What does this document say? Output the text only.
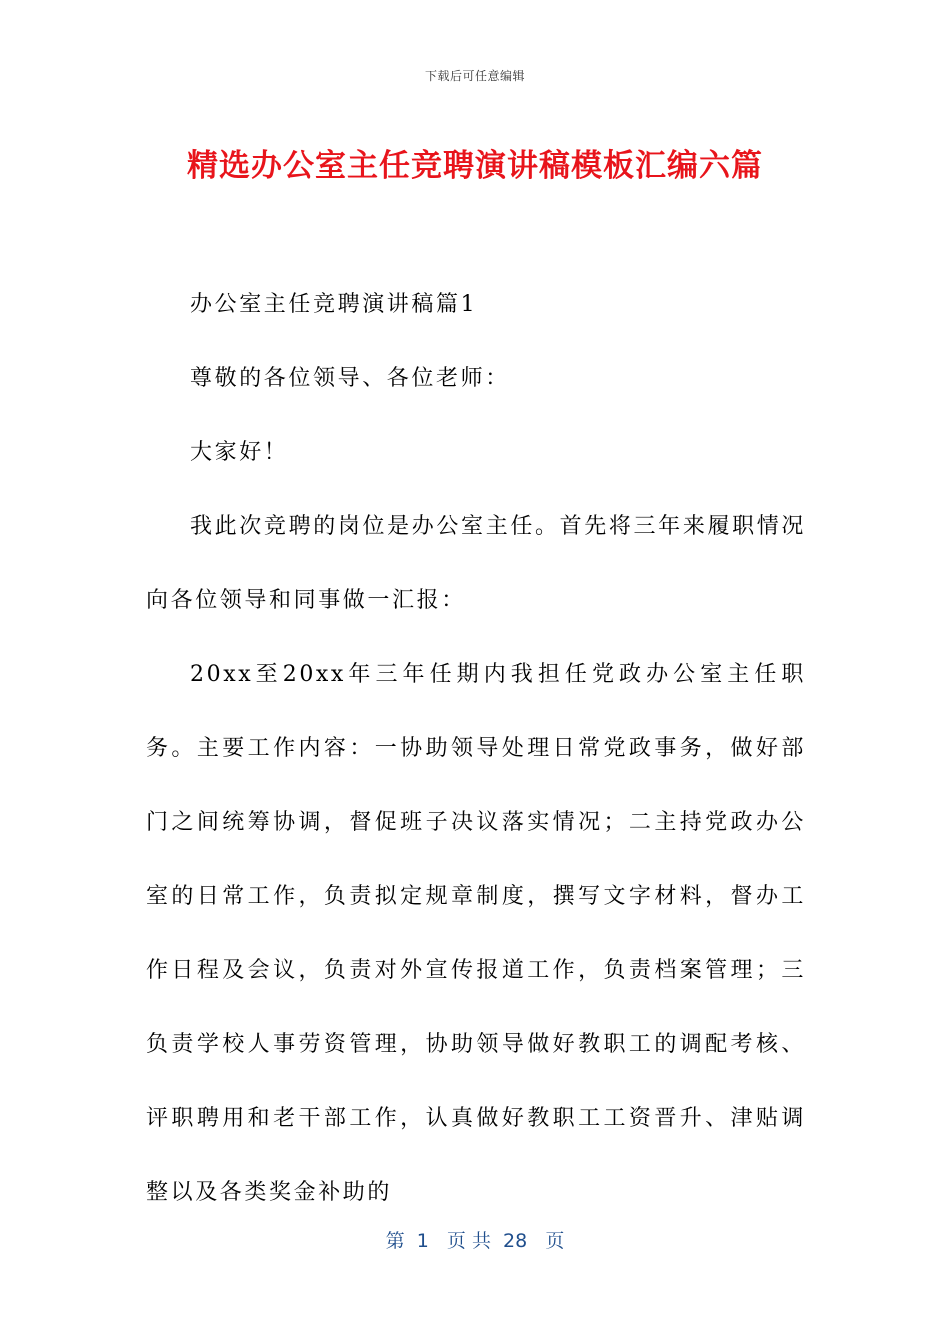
下载后可任意编辑
精选办公室主任竞聘演讲稿模板汇编六篇

办公室主任竞聘演讲稿篇1

尊敬的各位领导、各位老师：

大家好！

我此次竞聘的岗位是办公室主任。首先将三年来履职情况向各位领导和同事做一汇报：

20xx至20xx年三年任期内我担任党政办公室主任职务。主要工作内容：一协助领导处理日常党政事务，做好部门之间统筹协调，督促班子决议落实情况；二主持党政办公室的日常工作，负责拟定规章制度，撰写文字材料，督办工作日程及会议，负责对外宣传报道工作，负责档案管理；三负责学校人事劳资管理，协助领导做好教职工的调配考核、评职聘用和老干部工作，认真做好教职工工资晋升、津贴调整以及各类奖金补助的

第  1   页 共  28   页
